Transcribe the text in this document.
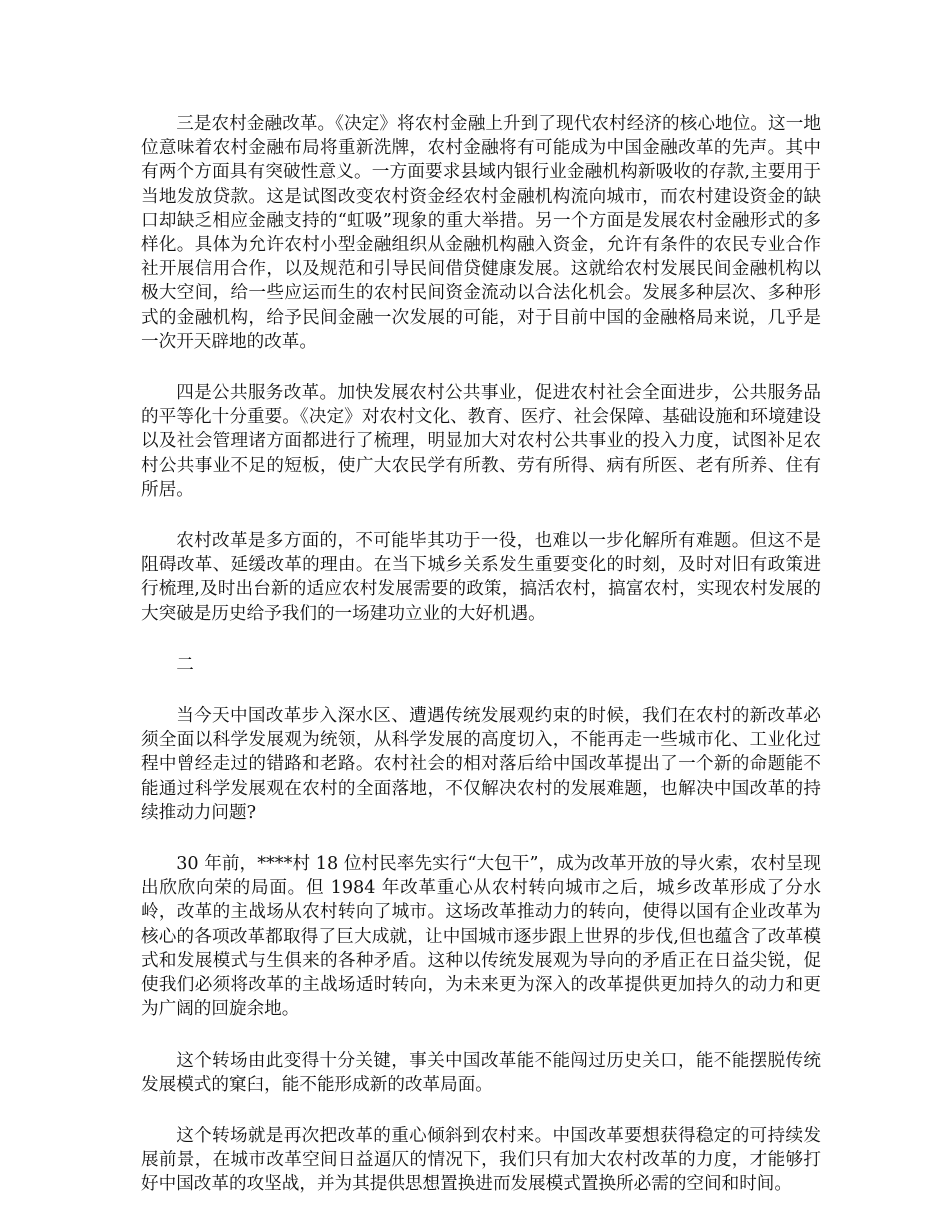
三是农村金融改革。《决定》将农村金融上升到了现代农村经济的核心地位。这一地位意味着农村金融布局将重新洗牌，农村金融将有可能成为中国金融改革的先声。其中有两个方面具有突破性意义。一方面要求县域内银行业金融机构新吸收的存款,主要用于当地发放贷款。这是试图改变农村资金经农村金融机构流向城市，而农村建设资金的缺口却缺乏相应金融支持的“虹吸”现象的重大举措。另一个方面是发展农村金融形式的多样化。具体为允许农村小型金融组织从金融机构融入资金，允许有条件的农民专业合作社开展信用合作，以及规范和引导民间借贷健康发展。这就给农村发展民间金融机构以极大空间，给一些应运而生的农村民间资金流动以合法化机会。发展多种层次、多种形式的金融机构，给予民间金融一次发展的可能，对于目前中国的金融格局来说，几乎是一次开天辟地的改革。

四是公共服务改革。加快发展农村公共事业，促进农村社会全面进步，公共服务品的平等化十分重要。《决定》对农村文化、教育、医疗、社会保障、基础设施和环境建设以及社会管理诸方面都进行了梳理，明显加大对农村公共事业的投入力度，试图补足农村公共事业不足的短板，使广大农民学有所教、劳有所得、病有所医、老有所养、住有所居。

农村改革是多方面的，不可能毕其功于一役，也难以一步化解所有难题。但这不是阻碍改革、延缓改革的理由。在当下城乡关系发生重要变化的时刻，及时对旧有政策进行梳理,及时出台新的适应农村发展需要的政策，搞活农村，搞富农村，实现农村发展的大突破是历史给予我们的一场建功立业的大好机遇。

二

当今天中国改革步入深水区、遭遇传统发展观约束的时候，我们在农村的新改革必须全面以科学发展观为统领，从科学发展的高度切入，不能再走一些城市化、工业化过程中曾经走过的错路和老路。农村社会的相对落后给中国改革提出了一个新的命题能不能通过科学发展观在农村的全面落地，不仅解决农村的发展难题，也解决中国改革的持续推动力问题?

30 年前，****村 18 位村民率先实行“大包干”，成为改革开放的导火索，农村呈现出欣欣向荣的局面。但 1984 年改革重心从农村转向城市之后，城乡改革形成了分水岭，改革的主战场从农村转向了城市。这场改革推动力的转向，使得以国有企业改革为核心的各项改革都取得了巨大成就，让中国城市逐步跟上世界的步伐,但也蕴含了改革模式和发展模式与生俱来的各种矛盾。这种以传统发展观为导向的矛盾正在日益尖锐，促使我们必须将改革的主战场适时转向，为未来更为深入的改革提供更加持久的动力和更为广阔的回旋余地。

这个转场由此变得十分关键，事关中国改革能不能闯过历史关口，能不能摆脱传统发展模式的窠臼，能不能形成新的改革局面。

这个转场就是再次把改革的重心倾斜到农村来。中国改革要想获得稳定的可持续发展前景，在城市改革空间日益逼仄的情况下，我们只有加大农村改革的力度，才能够打好中国改革的攻坚战，并为其提供思想置换进而发展模式置换所必需的空间和时间。
